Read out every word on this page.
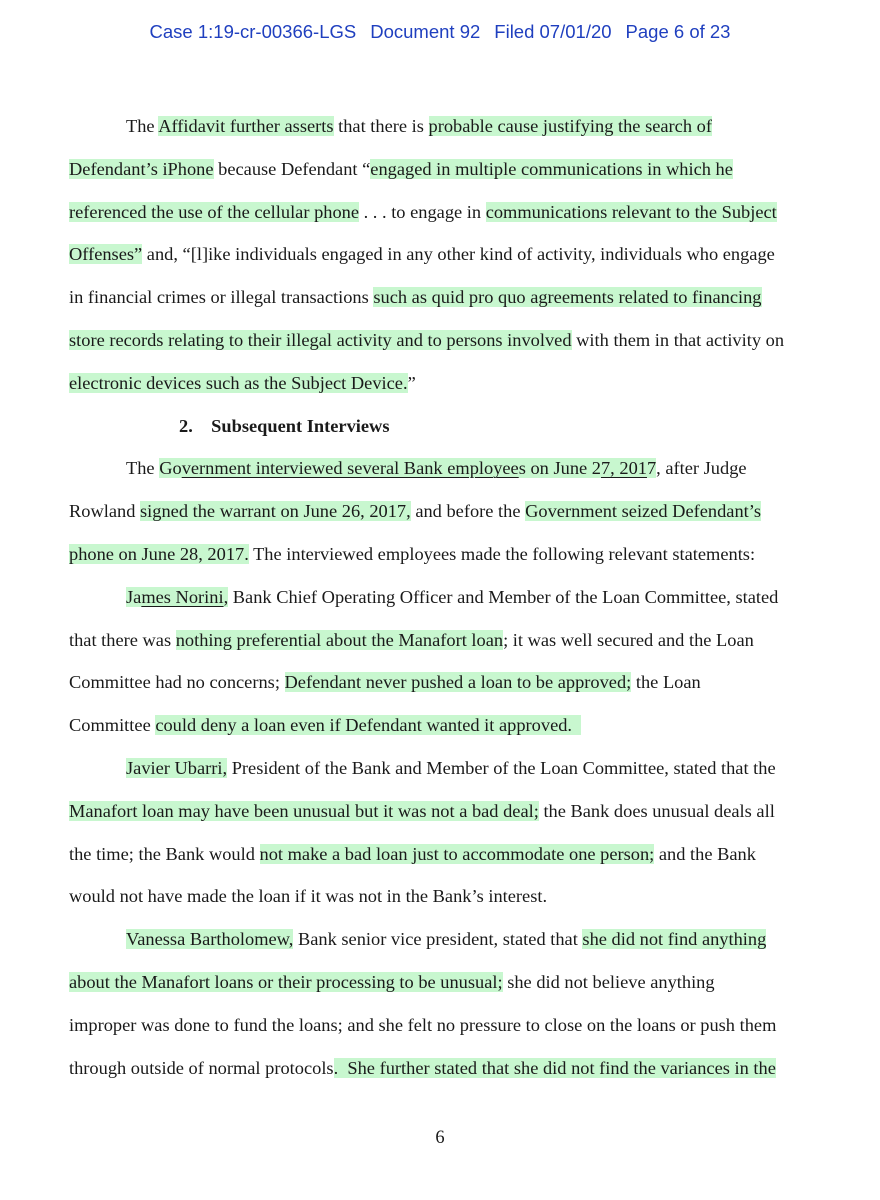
Case 1:19-cr-00366-LGS Document 92 Filed 07/01/20 Page 6 of 23
The Affidavit further asserts that there is probable cause justifying the search of
Defendant’s iPhone because Defendant “engaged in multiple communications in which he
referenced the use of the cellular phone . . . to engage in communications relevant to the Subject
Offenses” and, “[l]ike individuals engaged in any other kind of activity, individuals who engage
in financial crimes or illegal transactions such as quid pro quo agreements related to financing
store records relating to their illegal activity and to persons involved with them in that activity on
electronic devices such as the Subject Device.”
2. Subsequent Interviews
The Government interviewed several Bank employees on June 27, 2017, after Judge
Rowland signed the warrant on June 26, 2017, and before the Government seized Defendant’s
phone on June 28, 2017. The interviewed employees made the following relevant statements:
James Norini, Bank Chief Operating Officer and Member of the Loan Committee, stated
that there was nothing preferential about the Manafort loan; it was well secured and the Loan
Committee had no concerns; Defendant never pushed a loan to be approved; the Loan
Committee could deny a loan even if Defendant wanted it approved.
Javier Ubarri, President of the Bank and Member of the Loan Committee, stated that the
Manafort loan may have been unusual but it was not a bad deal; the Bank does unusual deals all
the time; the Bank would not make a bad loan just to accommodate one person; and the Bank
would not have made the loan if it was not in the Bank’s interest.
Vanessa Bartholomew, Bank senior vice president, stated that she did not find anything
about the Manafort loans or their processing to be unusual; she did not believe anything
improper was done to fund the loans; and she felt no pressure to close on the loans or push them
through outside of normal protocols.  She further stated that she did not find the variances in the
6
